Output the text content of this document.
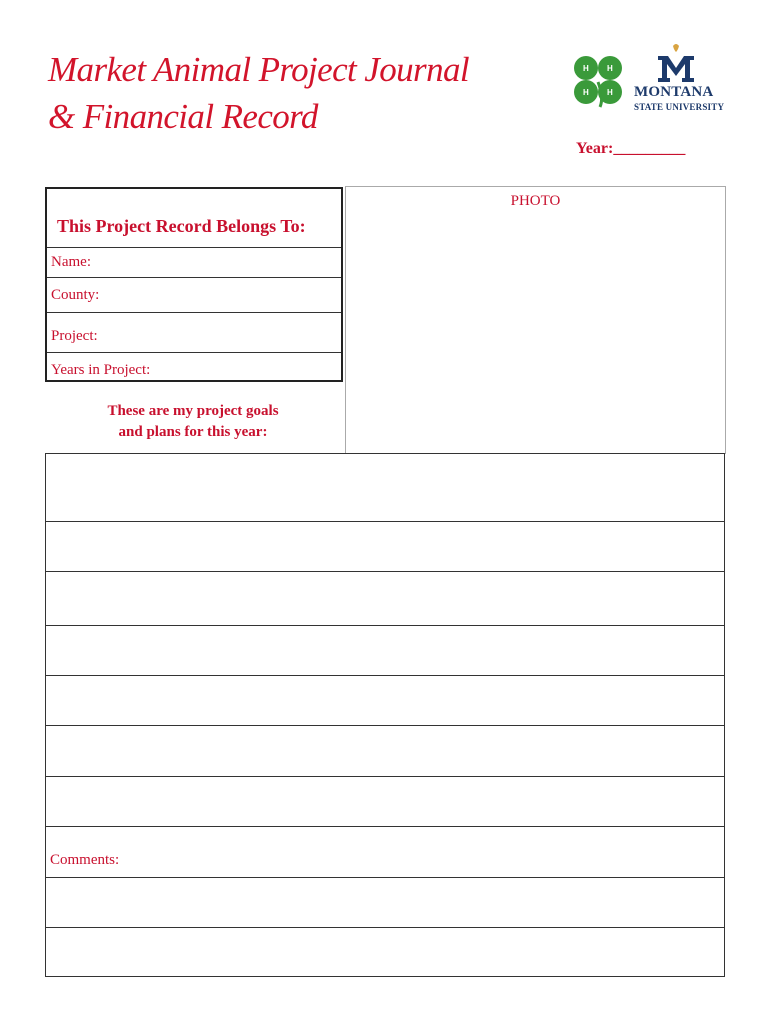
Market Animal Project Journal
& Financial Record
H H
H H MONTANA
STATE UNIVERSITY
Year:_________
This Project Record Belongs To:
Name:
County:
Project:
Years in Project:
PHOTO
These are my project goals
and plans for this year:
Comments:
